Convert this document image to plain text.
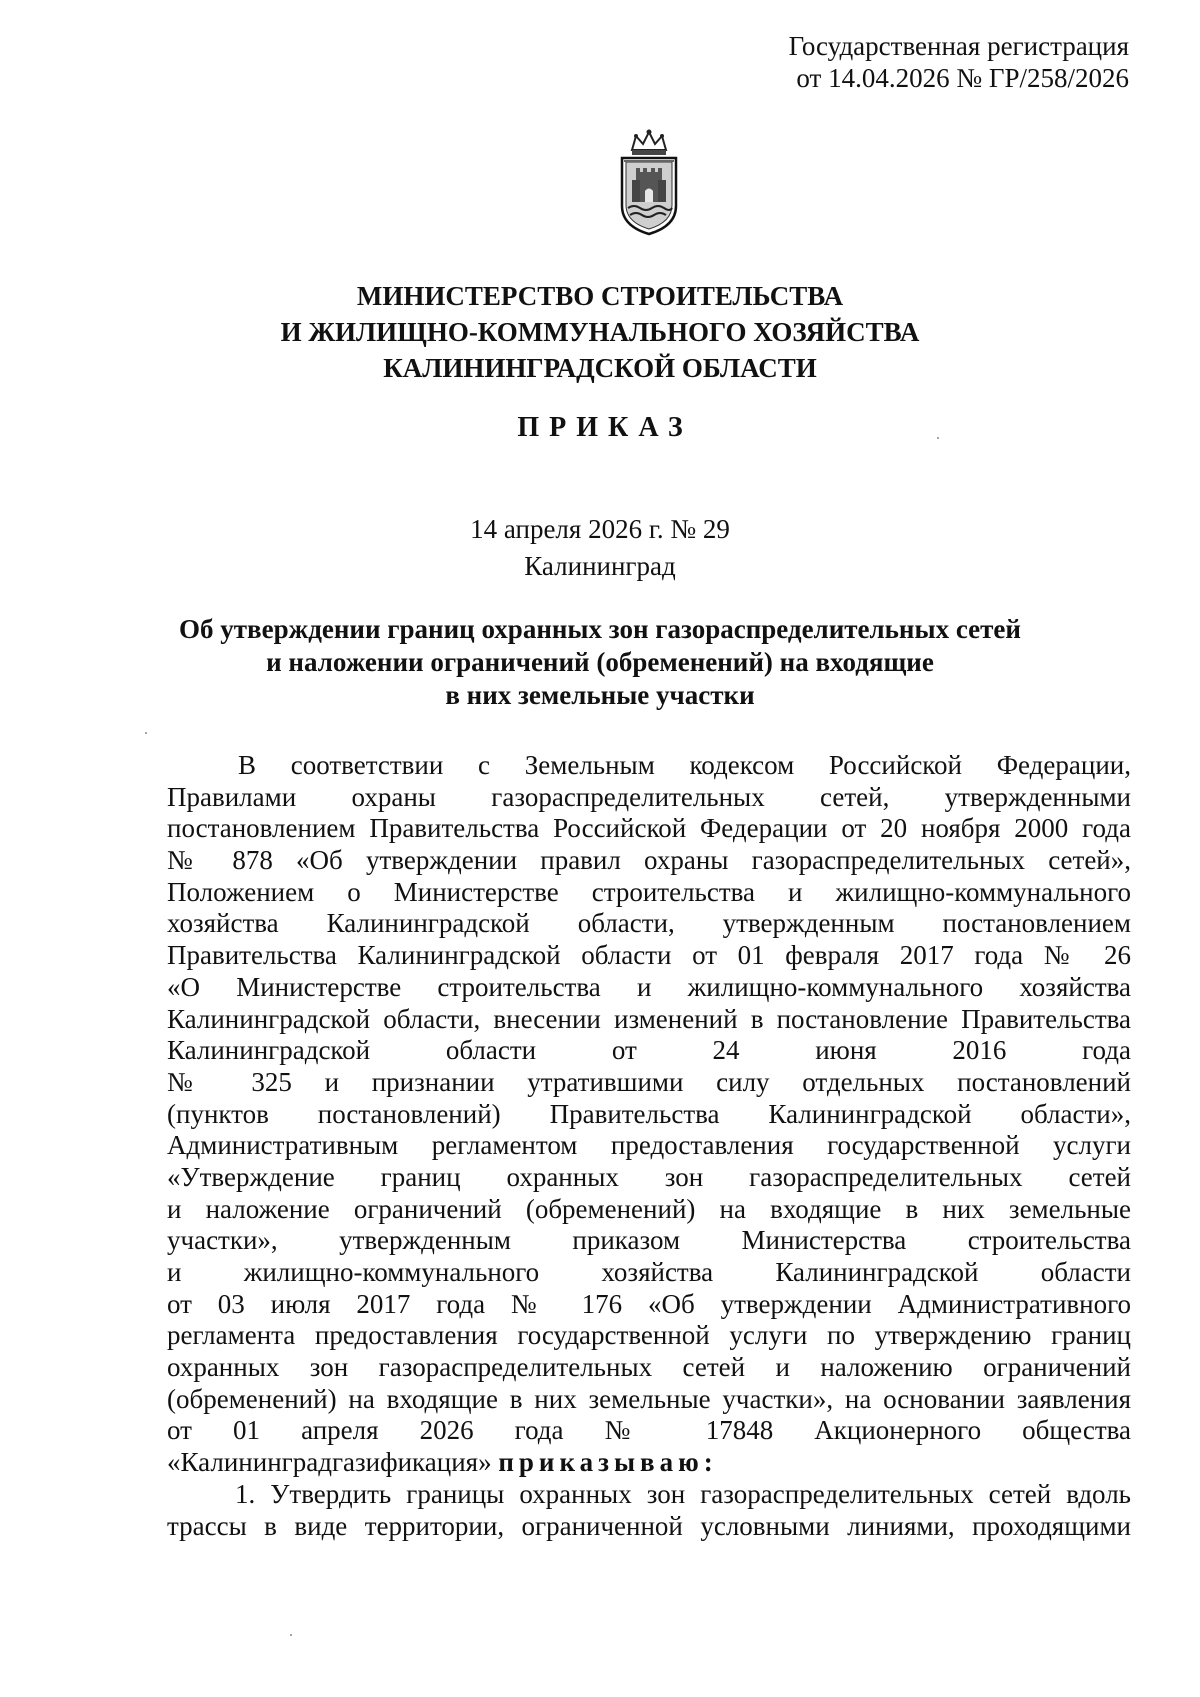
Государственная регистрация
от 14.04.2026 № ГР/258/2026
МИНИСТЕРСТВО СТРОИТЕЛЬСТВА
И ЖИЛИЩНО-КОММУНАЛЬНОГО ХОЗЯЙСТВА
КАЛИНИНГРАДСКОЙ ОБЛАСТИ
ПРИКАЗ
14 апреля 2026 г. № 29
Калининград
Об утверждении границ охранных зон газораспределительных сетей
и наложении ограничений (обременений) на входящие
в них земельные участки
В соответствии с Земельным кодексом Российской Федерации,
Правилами охраны газораспределительных сетей, утвержденными
постановлением Правительства Российской Федерации от 20 ноября 2000 года
№ 878 «Об утверждении правил охраны газораспределительных сетей»,
Положением о Министерстве строительства и жилищно-коммунального
хозяйства Калининградской области, утвержденным постановлением
Правительства Калининградской области от 01 февраля 2017 года № 26
«О Министерстве строительства и жилищно-коммунального хозяйства
Калининградской области, внесении изменений в постановление Правительства
Калининградской области от 24 июня 2016 года
№ 325 и признании утратившими силу отдельных постановлений
(пунктов постановлений) Правительства Калининградской области»,
Административным регламентом предоставления государственной услуги
«Утверждение границ охранных зон газораспределительных сетей
и наложение ограничений (обременений) на входящие в них земельные
участки», утвержденным приказом Министерства строительства
и жилищно-коммунального хозяйства Калининградской области
от 03 июля 2017 года № 176 «Об утверждении Административного
регламента предоставления государственной услуги по утверждению границ
охранных зон газораспределительных сетей и наложению ограничений
(обременений) на входящие в них земельные участки», на основании заявления
от 01 апреля 2026 года № 17848 Акционерного общества
«Калининградгазификация» приказываю:
1. Утвердить границы охранных зон газораспределительных сетей вдоль
трассы в виде территории, ограниченной условными линиями, проходящими
